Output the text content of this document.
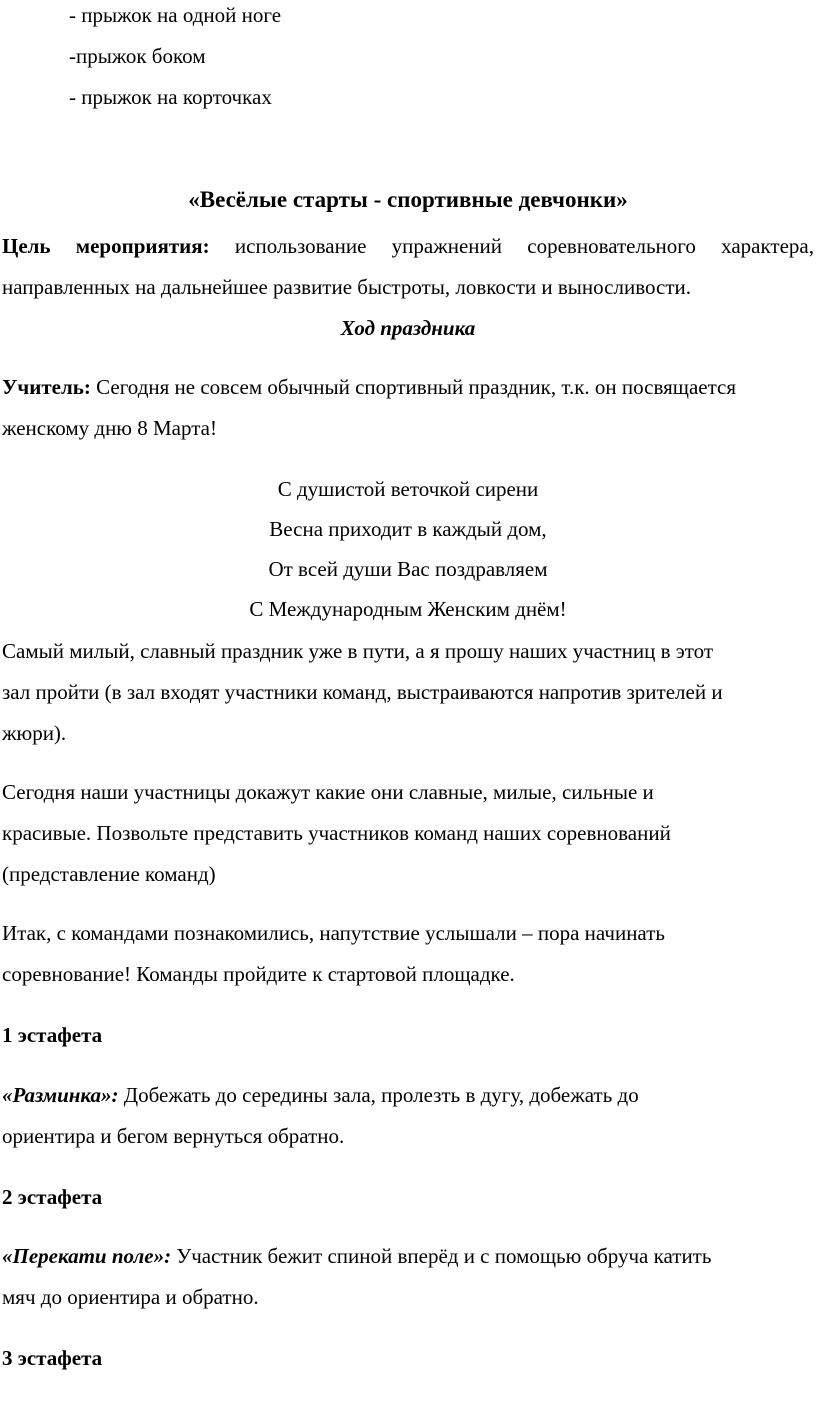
- прыжок на одной ноге
-прыжок боком
- прыжок на корточках
«Весёлые старты - спортивные девчонки»
Цель мероприятия: использование упражнений соревновательного характера,
направленных на дальнейшее развитие быстроты, ловкости и выносливости.
Ход праздника
Учитель: Сегодня не совсем обычный спортивный праздник, т.к. он посвящается
женскому дню 8 Марта!
С душистой веточкой сирени
Весна приходит в каждый дом,
От всей души Вас поздравляем
С Международным Женским днём!
Самый милый, славный праздник уже в пути, а я прошу наших участниц в этот
зал пройти (в зал входят участники команд, выстраиваются напротив зрителей и
жюри).
Сегодня наши участницы докажут какие они славные, милые, сильные и
красивые. Позвольте представить участников команд наших соревнований
(представление команд)
Итак, с командами познакомились, напутствие услышали – пора начинать
соревнование! Команды пройдите к стартовой площадке.
1 эстафета
«Разминка»: Добежать до середины зала, пролезть в дугу, добежать до
ориентира и бегом вернуться обратно.
2 эстафета
«Перекати поле»: Участник бежит спиной вперёд и с помощью обруча катить
мяч до ориентира и обратно.
3 эстафета
